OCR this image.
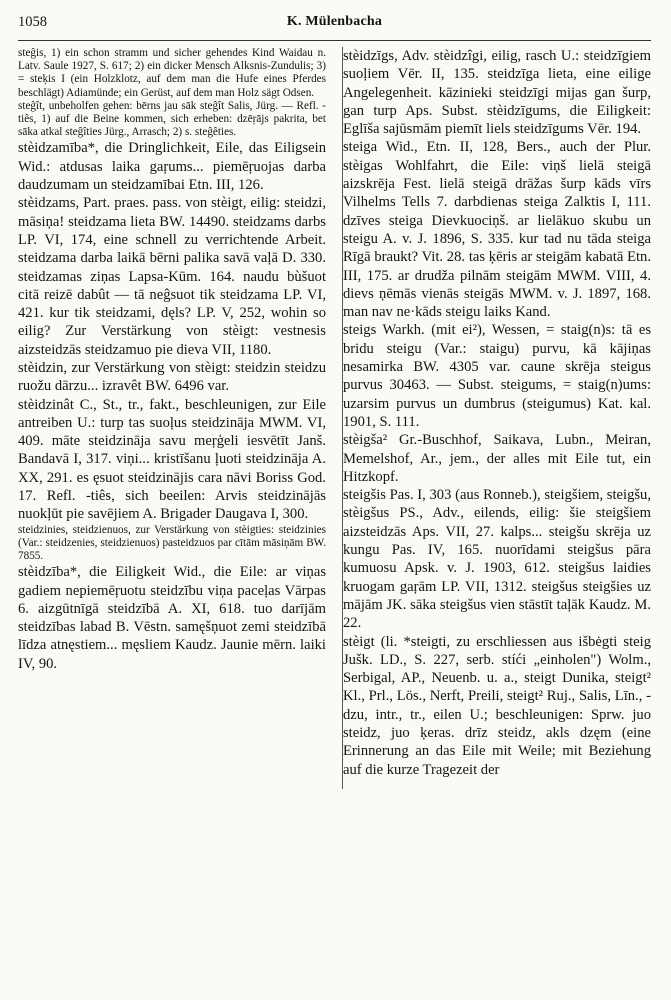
1058	K. Mülenbacha

steĝis, 1) ein schon stramm und sicher gehendes Kind Waidau n. Latv. Saule 1927, S. 617; 2) ein dicker Mensch Alksnis-Zundulis; 3) = steķis I (ein Holzklotz, auf dem man die Hufe eines Pferdes beschlägt) Adiamünde; ein Gerüst, auf dem man Holz sägt Odsen.

steĝît, unbeholfen gehen: bērns jau sāk steĝît Salis, Jürg. — Refl. -tiês, 1) auf die Beine kommen, sich erheben: dzēŗājs pakrita, bet sāka atkal steĝîties Jürg., Arrasch; 2) s. steĝêties.

stèidzamība*, die Dringlichkeit, Eile, das Eiligsein Wid.: atdusas laika gaŗums... piemēŗuojas darba daudzumam un steidzamībai Etn. III, 126.

stèidzams, Part. praes. pass. von stèigt, eilig: steidzi, māsiņa! steidzama lieta BW. 14490. steidzams darbs LP. VI, 174, eine schnell zu verrichtende Arbeit. steidzama darba laikā bērni palika savā vaļā D. 330. steidzamas ziņas Lapsa-Kūm. 164. naudu bùšuot citā reizē dabût — tā neĝsuot tik steidzama LP. VI, 421. kur tik steidzami, dęls? LP. V, 252, wohin so eilig? Zur Verstärkung von stèigt: vestnesis aizsteidzās steidzamuo pie dieva VII, 1180.

stèidzin, zur Verstärkung von stèigt: steidzin steidzu ruožu dārzu... izravêt BW. 6496 var.

stèidzinât C., St., tr., fakt., beschleunigen, zur Eile antreiben U.: turp tas suoļus steidzināja MWM. VI, 409. māte steidzināja savu meŗģeli iesvētīt Janš. Bandavā I, 317. viņi... kristīšanu ļuoti steidzināja A. XX, 291. es ęsuot steidzinājis cara nāvi Boriss God. 17. Refl. -tiês, sich beeilen: Arvis steidzinājās nuokļūt pie savējiem A. Brigader Daugava I, 300.

steidzinies, steidzienuos, zur Verstärkung von stèigties: steidzinies (Var.: steidzenies, steidzienuos) pasteidzuos par cītām māsiņām BW. 7855.

stèidzība*, die Eiligkeit Wid., die Eile: ar viņas gadiem nepiemēŗuotu steidzību viņa paceļas Vārpas 6. aizgūtnīgā steidzībā A. XI, 618. tuo darījām steidzības labad B. Vēstn. samęšņuot zemi steidzībā līdza atnęstiem... męsliem Kaudz. Jaunie mērn. laiki IV, 90.

stèidzīgs, Adv. stèidzîgi, eilig, rasch U.: steidzīgiem suoļiem Vēr. II, 135. steidzīga lieta, eine eilige Angelegenheit. kāzinieki steidzīgi mijas gan šurp, gan turp Aps. Subst. stèidzīgums, die Eiligkeit: Eglīša sajūsmām piemīt liels steidzīgums Vēr. 194.

steiga Wid., Etn. II, 128, Bers., auch der Plur. stèigas Wohlfahrt, die Eile: viņš lielā steigā aizskrēja Fest. lielā steigā drāžas šurp kāds vīrs Vilhelms Tells 7. darbdienas steiga Zalktis I, 111. dzīves steiga Dievkuociņš. ar lielākuo skubu un steigu A. v. J. 1896, S. 335. kur tad nu tāda steiga Rīgā braukt? Vit. 28. tas ķēris ar steigām kabatā Etn. III, 175. ar drudža pilnām steigām MWM. VIII, 4. dievs ņēmās vienās steigās MWM. v. J. 1897, 168. man nav ne·kāds steigu laiks Kand.

steigs Warkh. (mit ei²), Wessen, = staig(n)s: tā es bridu steigu (Var.: staigu) purvu, kā kājiņas nesamirka BW. 4305 var. caune skrēja steigus purvus 30463. — Subst. steigums, = staig(n)ums: uzarsim purvus un dumbrus (steigumus) Kat. kal. 1901, S. 111.

stèigša² Gr.-Buschhof, Saikava, Lubn., Meiran, Memelshof, Ar., jem., der alles mit Eile tut, ein Hitzkopf.

steigšis Pas. I, 303 (aus Ronneb.), steigšiem, steigšu, stèigšus PS., Adv., eilends, eilig: šie steigšiem aizsteidzās Aps. VII, 27. kalps... steigšu skrēja uz kungu Pas. IV, 165. nuorīdami steigšus pāra kumuosu Apsk. v. J. 1903, 612. steigšus laidies kruogam gaŗām LP. VII, 1312. steigšus steigšies uz mājām JK. sāka steigšus vien stāstīt taļāk Kaudz. M. 22.

stèigt (li. *steigti, zu erschliessen aus išbėgti steig Jušk. LD., S. 227, serb. stíći „einholen") Wolm., Serbigal, AP., Neuenb. u. a., steigt Dunika, steigt² Kl., Prl., Lös., Nerft, Preili, steigt² Ruj., Salis, Līn., -dzu, intr., tr., eilen U.; beschleunigen: Sprw. juo steidz, juo ķeras. drīz steidz, akls dzęm (eine Erinnerung an das Eile mit Weile; mit Beziehung auf die kurze Tragezeit der
